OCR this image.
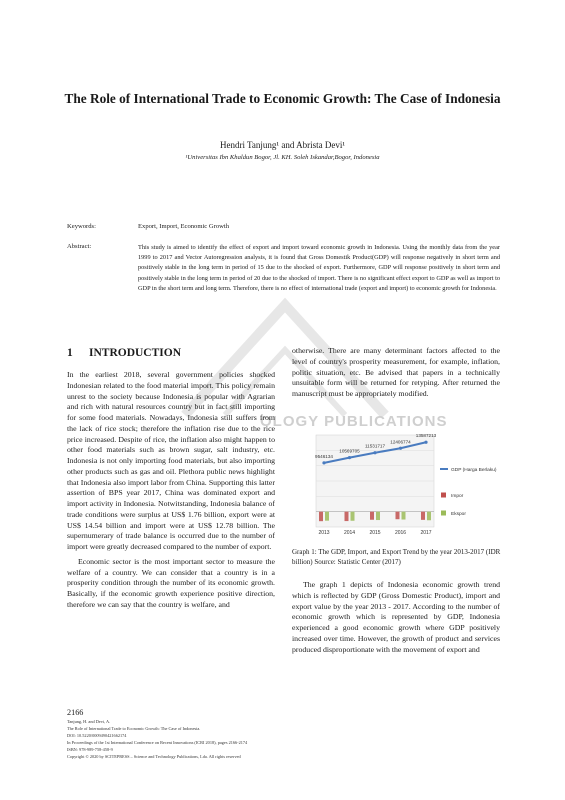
OLOGY PUBLICATIONS
The Role of International Trade to Economic Growth: The Case of Indonesia
Hendri Tanjung¹ and Abrista Devi¹
¹Universitas Ibn Khaldun Bogor, Jl. KH. Soleh Iskandar,Bogor, Indonesia
Keywords:	Export, Import, Economic Growth
Abstract:	This study is aimed to identify the effect of export and import toward economic growth in Indonesia. Using the monthly data from the year 1999 to 2017 and Vector Autoregression analysis, it is found that Gross Domestik Product(GDP) will response negatively in short term and positively stable in the long term in period of 15 due to the shocked of export. Furthermore, GDP will response positively in short term and positively stable in the long term in period of 20 due to the shocked of import. There is no significant effect export to GDP as well as import to GDP in the short term and long term. Therefore, there is no effect of international trade (export and import) to economic growth for Indonesia.
1 INTRODUCTION

In the earliest 2018, several government policies shocked Indonesian related to the food material import. This policy remain unrest to the society because Indonesia is popular with Agrarian and rich with natural resources country but in fact still importing for some food materials. Nowadays, Indonesia still suffers from the lack of rice stock; therefore the inflation rise due to the rice price increased. Despite of rice, the inflation also might happen to other food materials such as brown sugar, salt industry, etc. Indonesia is not only importing food materials, but also importing other products such as gas and oil. Plethora public news highlight that Indonesia also import labor from China. Supporting this latter assertion of BPS year 2017, China was dominated export and import activity in Indonesia. Notwitstanding, Indonesia balance of trade conditions were surplus at US$ 1.76 billion, export were at US$ 14.54 billion and import were at US$ 12.78 billion. The supernumerary of trade balance is occurred due to the number of import were greatly decreased compared to the number of export.

Economic sector is the most important sector to measure the welfare of a country. We can consider that a country is in a prosperity condition through the number of its economic growth. Basically, if the economic growth experience positive direction, therefore we can say that the country is welfare, and

otherwise. There are many determinant factors affected to the level of country's prosperity measurement, for example, inflation, politic situation, etc. Be advised that papers in a technically unsuitable form will be returned for retyping. After returned the manuscript must be appropriately modified.

9546134
10569705
11531717
12406774
13587213
2013	2014	2015	2016	2017
GDP (Harga Berlaku)
Impor
Ekspor
Graph 1: The GDP, Import, and Export Trend by the year 2013-2017 (IDR billion) Source: Statistic Center (2017)

The graph 1 depicts of Indonesia economic growth trend which is reflected by GDP (Gross Domestic Product), import and export value by the year 2013 - 2017. According to the number of economic growth which is represented by GDP, Indonesia experienced a good economic growth where GDP positively increased over time. However, the growth of product and services produced disproportionate with the movement of export and

2166
Tanjung, H. and Devi, A.
The Role of International Trade to Economic Growth: The Case of Indonesia.
DOI: 10.5220/0009490421662174
In Proceedings of the 1st International Conference on Recent Innovations (ICRI 2018), pages 2166-2174
ISBN: 978-989-758-458-9
Copyright © 2020 by SCITEPRESS – Science and Technology Publications, Lda. All rights reserved
